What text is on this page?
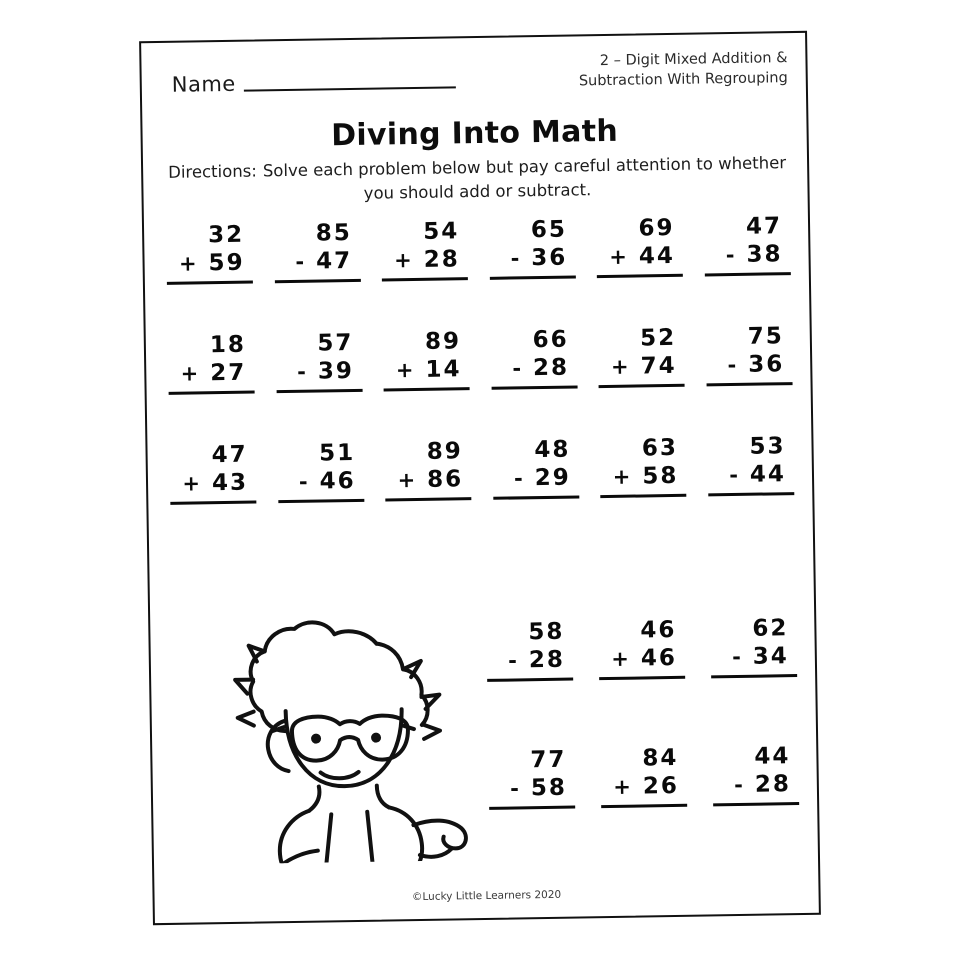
Name
2 – Digit Mixed Addition &
Subtraction With Regrouping
Diving Into Math
Directions: Solve each problem below but pay careful attention to whether you should add or subtract.
32
+ 59
85
- 47
54
+ 28
65
- 36
69
+ 44
47
- 38
18
+ 27
57
- 39
89
+ 14
66
- 28
52
+ 74
75
- 36
47
+ 43
51
- 46
89
+ 86
48
- 29
63
+ 58
53
- 44
58
- 28
46
+ 46
62
- 34
77
- 58
84
+ 26
44
- 28
©Lucky Little Learners 2020
